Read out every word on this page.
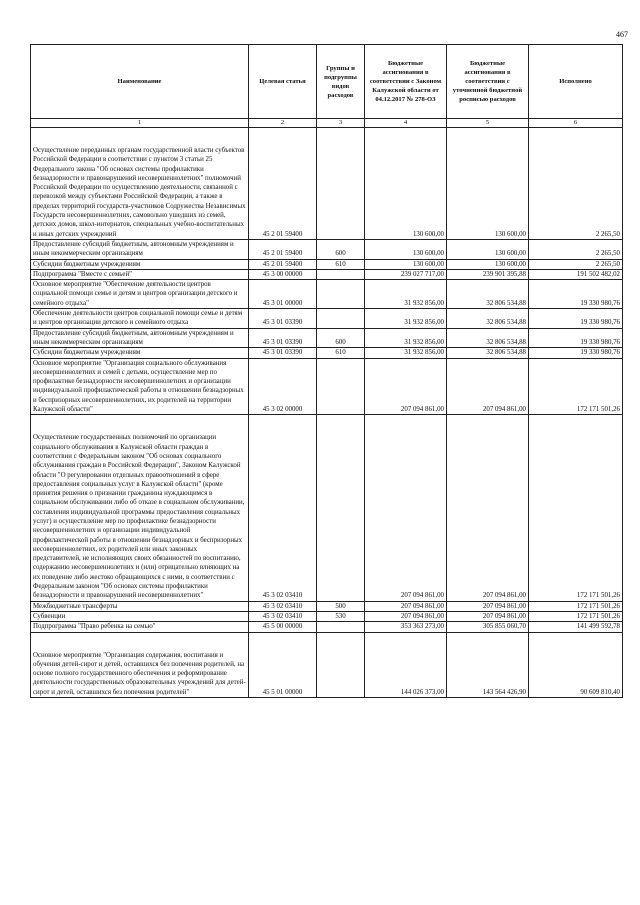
467
Наименование	Целевая статья	Группы и подгруппы видов расходов	Бюджетные ассигнования в соответствии с Законом Калужской области от 04.12.2017 № 278-ОЗ	Бюджетные ассигнования в соответствии с уточненной бюджетной росписью расходов	Исполнено
1	2	3	4	5	6

Осуществление переданных органам государственной власти субъектов Российской Федерации в соответствии с пунктом 3 статьи 25 Федерального закона "Об основах системы профилактики безнадзорности и правонарушений несовершеннолетних" полномочий Российской Федерации по осуществлению деятельности, связанной с перевозкой между субъектами Российской Федерации, а также в пределах территорий государств-участников Содружества Независимых Государств несовершеннолетних, самовольно ушедших из семей, детских домов, школ-интернатов, специальных учебно-воспитательных и иных детских учреждений	45 2 01 59400		130 600,00	130 600,00	2 265,50
Предоставление субсидий бюджетным, автономным учреждениям и иным некоммерческим организациям	45 2 01 59400	600	130 600,00	130 600,00	2 265,50
Субсидии бюджетным учреждениям	45 2 01 59400	610	130 600,00	130 600,00	2 265,50
Подпрограмма "Вместе с семьей"	45 3 00 00000		239 027 717,00	239 901 395,88	191 502 482,02
Основное мероприятие "Обеспечение деятельности центров социальной помощи семье и детям и центров организации детского и семейного отдыха"	45 3 01 00000		31 932 856,00	32 806 534,88	19 330 980,76
Обеспечение деятельности центров социальной помощи семье и детям и центров организации детского и семейного отдыха	45 3 01 03390		31 932 856,00	32 806 534,88	19 330 980,76
Предоставление субсидий бюджетным, автономным учреждениям и иным некоммерческим организациям	45 3 01 03390	600	31 932 856,00	32 806 534,88	19 330 980,76
Субсидии бюджетным учреждениям	45 3 01 03390	610	31 932 856,00	32 806 534,88	19 330 980,76
Основное мероприятие "Организация социального обслуживания несовершеннолетних и семей с детьми, осуществление мер по профилактике безнадзорности несовершеннолетних и организации индивидуальной профилактической работы в отношении безнадзорных и беспризорных несовершеннолетних, их родителей на территории Калужской области"	45 3 02 00000		207 094 861,00	207 094 861,00	172 171 501,26

Осуществление государственных полномочий по организации социального обслуживания в Калужской области граждан в соответствии с Федеральным законом "Об основах социального обслуживания граждан в Российской Федерации", Законом Калужской области "О регулировании отдельных правоотношений в сфере предоставления социальных услуг в Калужской области" (кроме принятия решения о признании гражданина нуждающимся в социальном обслуживании либо об отказе в социальном обслуживании, составления индивидуальной программы предоставления социальных услуг) и осуществление мер по профилактике безнадзорности несовершеннолетних и организации индивидуальной профилактической работы в отношении безнадзорных и беспризорных несовершеннолетних, их родителей или иных законных представителей, не исполняющих своих обязанностей по воспитанию, содержанию несовершеннолетних и (или) отрицательно влияющих на их поведение либо жестоко обращающихся с ними, в соответствии с Федеральным законом "Об основах системы профилактики безнадзорности и правонарушений несовершеннолетних"	45 3 02 03410		207 094 861,00	207 094 861,00	172 171 501,26
Межбюджетные трансферты	45 3 02 03410	500	207 094 861,00	207 094 861,00	172 171 501,26
Субвенции	45 3 02 03410	530	207 094 861,00	207 094 861,00	172 171 501,26
Подпрограмма "Право ребенка на семью"	45 5 00 00000		353 363 273,00	305 855 060,70	141 499 592,78

Основное мероприятие "Организация содержания, воспитания и обучения детей-сирот и детей, оставшихся без попечения родителей, на основе полного государственного обеспечения и реформирование деятельности государственных образовательных учреждений для детей-сирот и детей, оставшихся без попечения родителей"	45 5 01 00000		144 026 373,00	143 564 426,90	90 609 810,40
